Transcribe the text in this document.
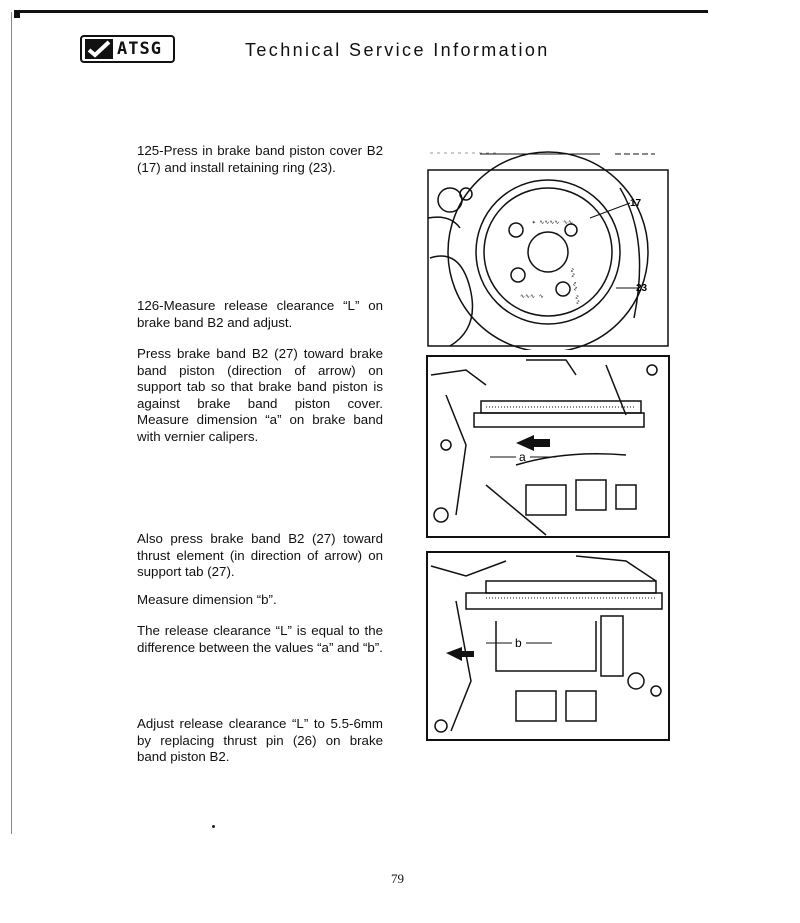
ATSG	Technical Service Information

125-Press in brake band piston cover B2 (17) and install retaining ring (23).

126-Measure release clearance “L” on brake band B2 and adjust.

Press brake band B2 (27) toward brake band piston (direction of arrow) on support tab so that brake band piston is against brake band piston cover. Measure dimension “a” on brake band with vernier calipers.

Also press brake band B2 (27) toward thrust element (in direction of arrow) on support tab (27).

Measure dimension “b”.

The release clearance “L” is equal to the difference between the values “a” and “b”.

Adjust release clearance “L” to 5.5-6mm by replacing thrust pin (26) on brake band piston B2.

✶ ∿∿∿∿ ∿∿
∿∿∿ ∿	∿∿ ∿∿ ∿∿
17
23
a
b
79
